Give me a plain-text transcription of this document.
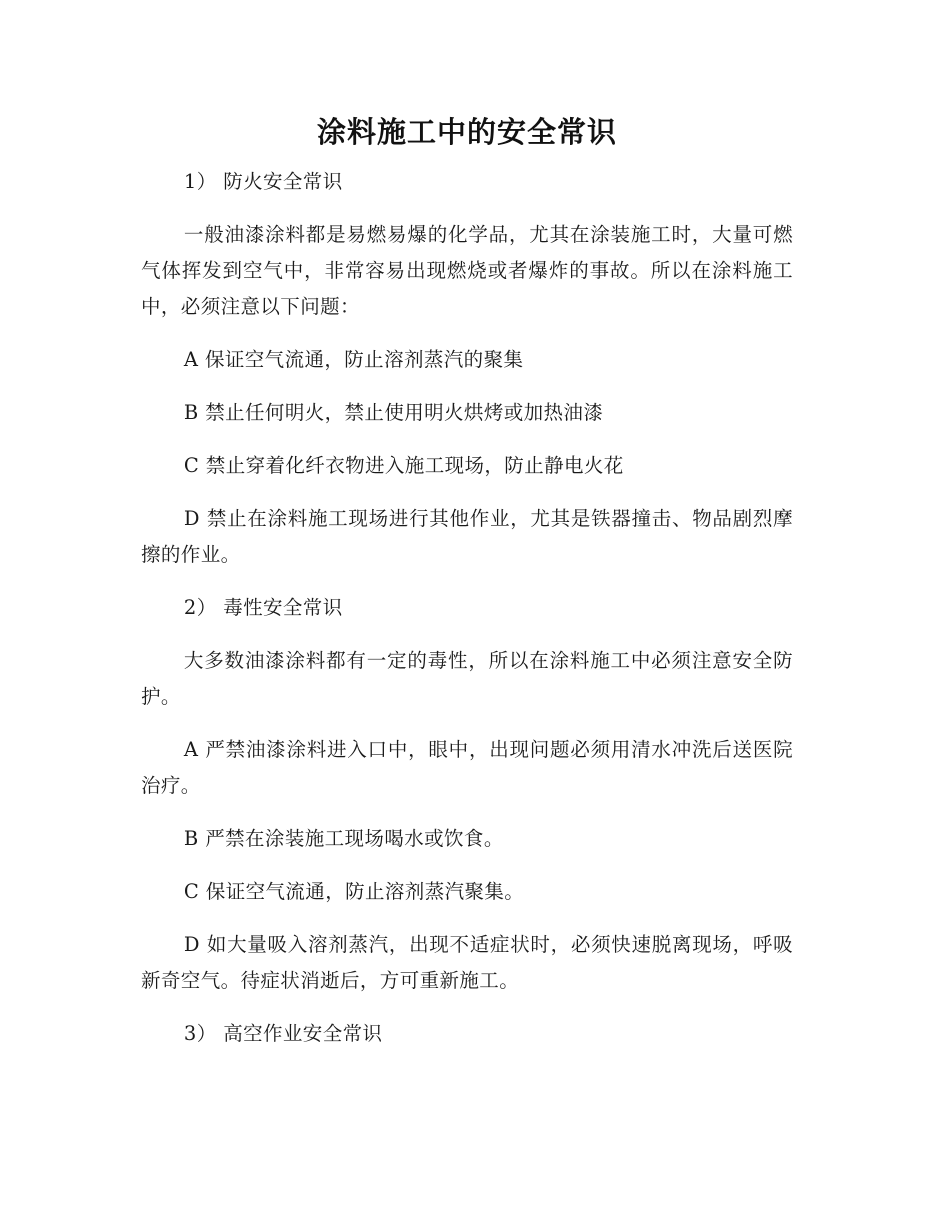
涂料施工中的安全常识

1） 防火安全常识

一般油漆涂料都是易燃易爆的化学品，尤其在涂装施工时，大量可燃气体挥发到空气中，非常容易出现燃烧或者爆炸的事故。所以在涂料施工中，必须注意以下问题：

A 保证空气流通，防止溶剂蒸汽的聚集

B 禁止任何明火，禁止使用明火烘烤或加热油漆

C 禁止穿着化纤衣物进入施工现场，防止静电火花

D 禁止在涂料施工现场进行其他作业，尤其是铁器撞击、物品剧烈摩擦的作业。

2） 毒性安全常识

大多数油漆涂料都有一定的毒性，所以在涂料施工中必须注意安全防护。

A 严禁油漆涂料进入口中，眼中，出现问题必须用清水冲洗后送医院治疗。

B 严禁在涂装施工现场喝水或饮食。

C 保证空气流通，防止溶剂蒸汽聚集。

D 如大量吸入溶剂蒸汽，出现不适症状时，必须快速脱离现场，呼吸新奇空气。待症状消逝后，方可重新施工。

3） 高空作业安全常识
